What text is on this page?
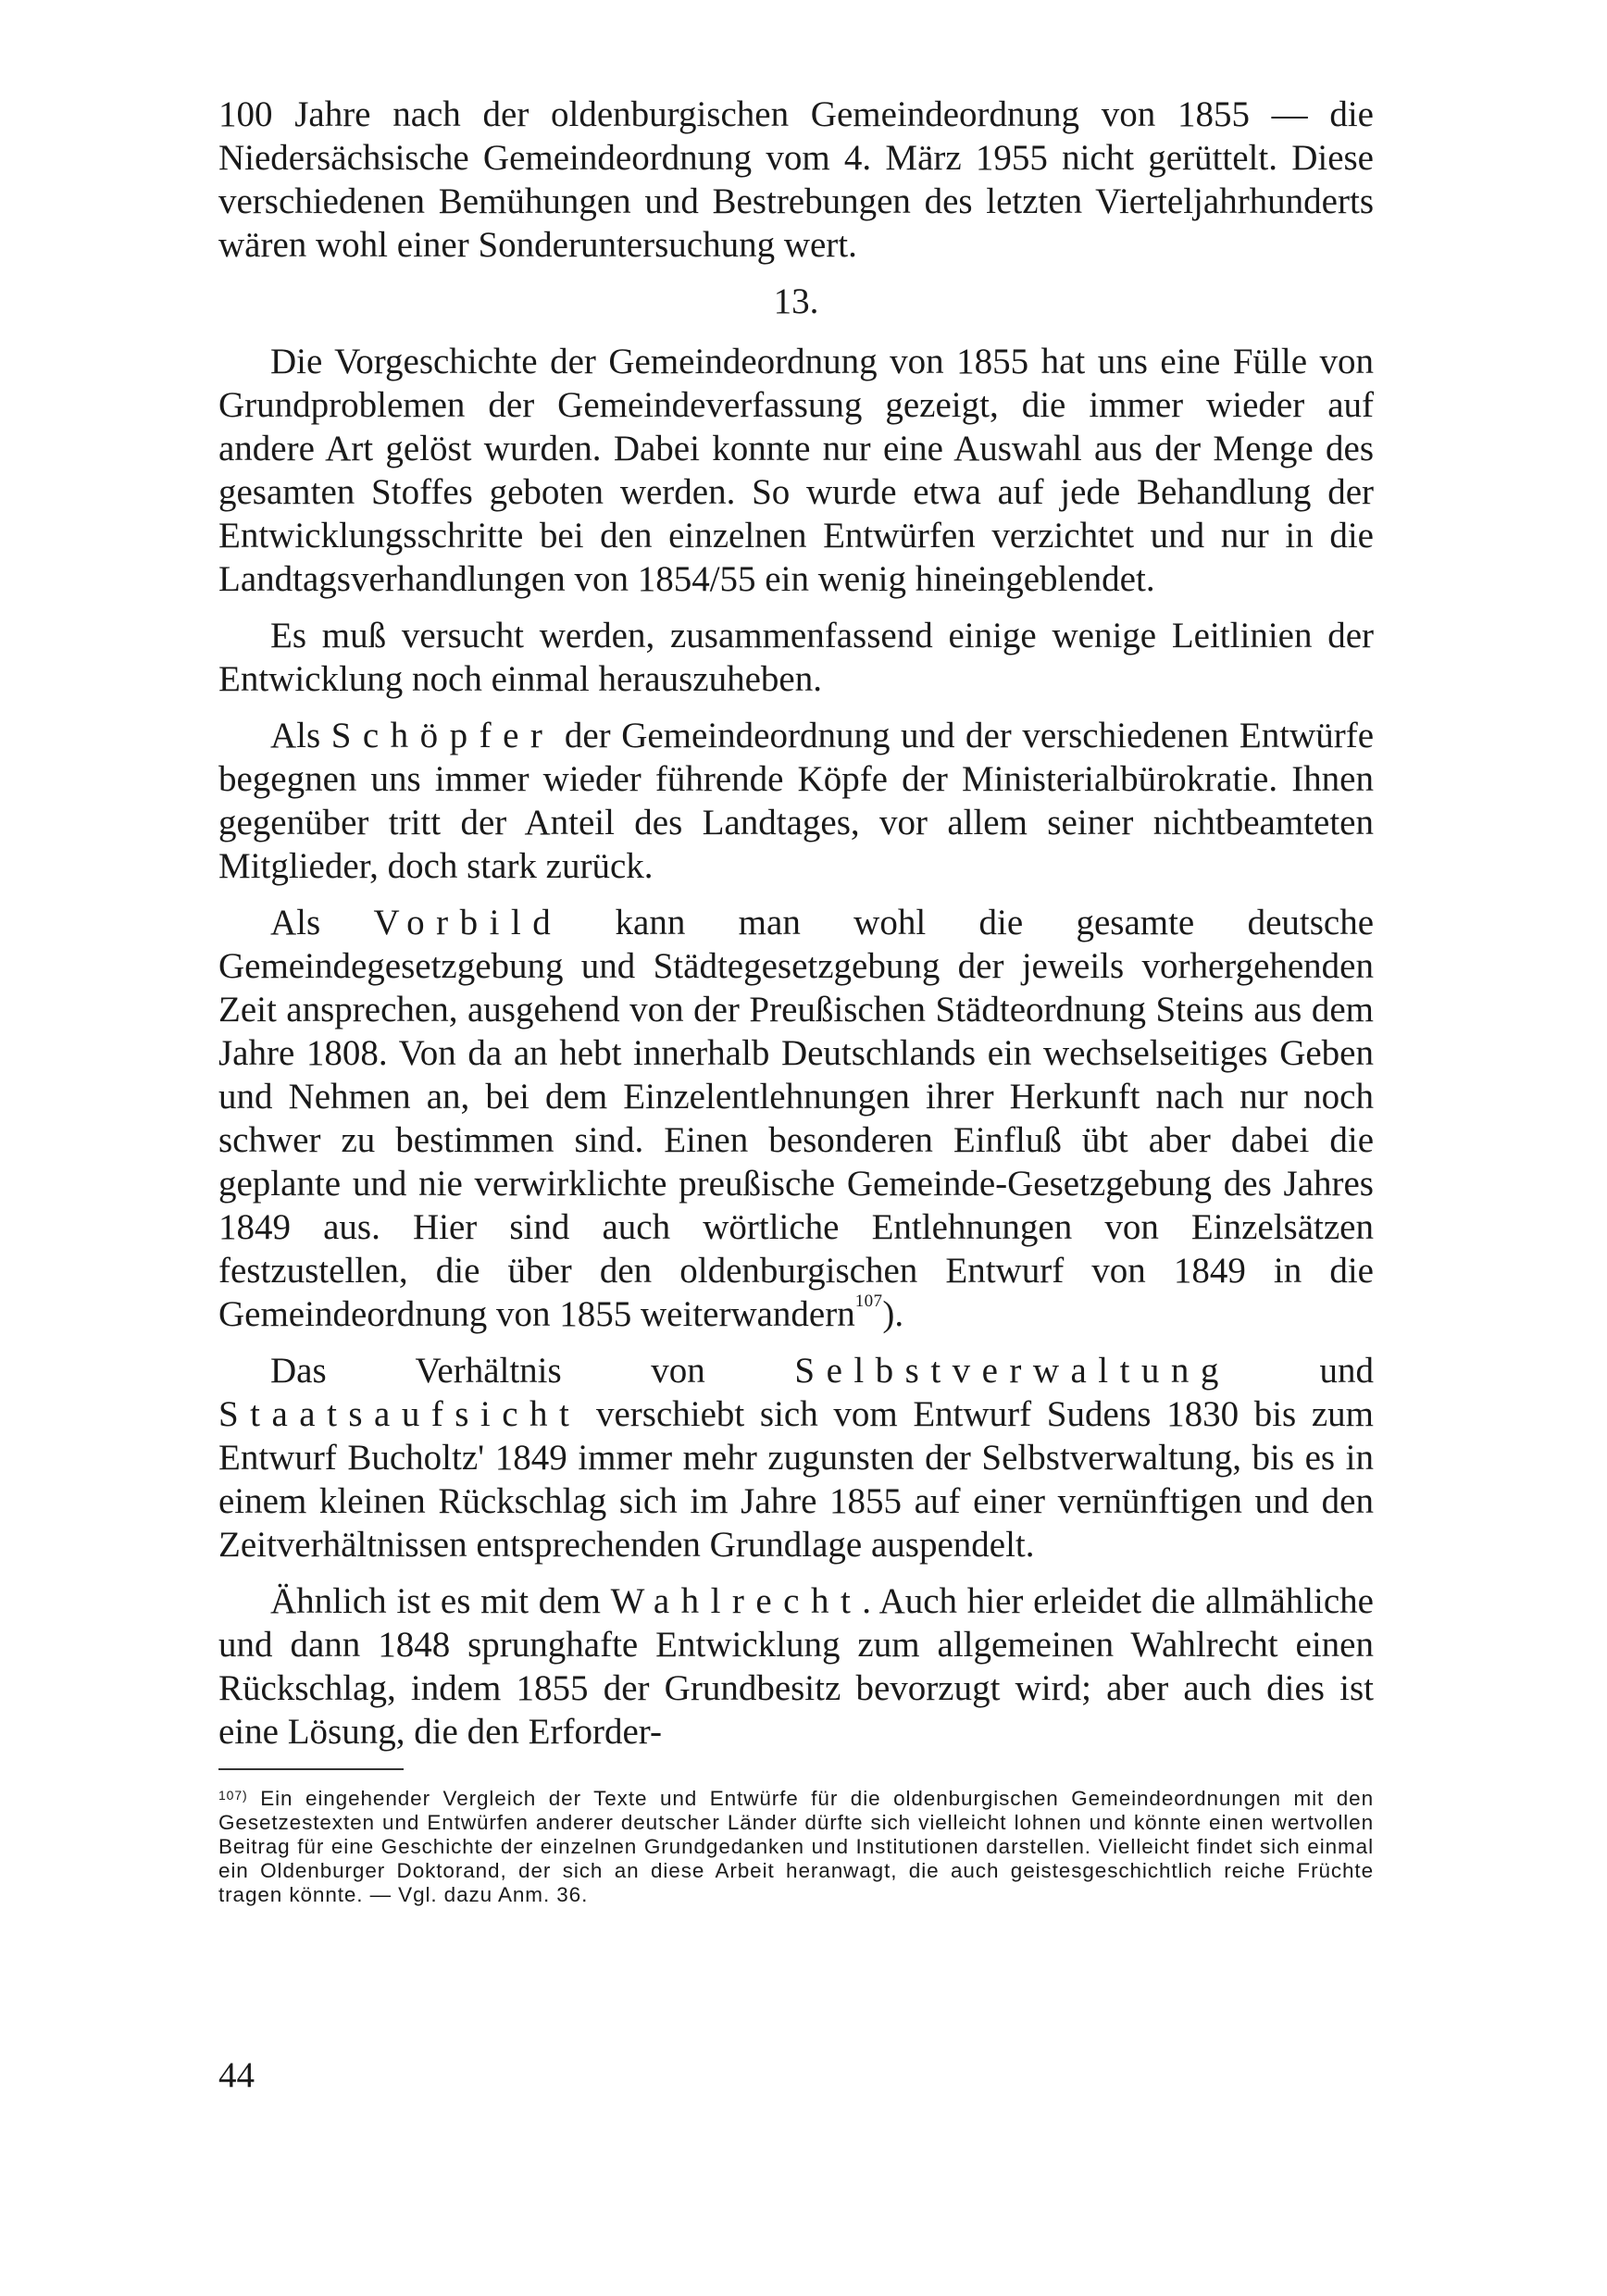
100 Jahre nach der oldenburgischen Gemeindeordnung von 1855 — die Niedersächsische Gemeindeordnung vom 4. März 1955 nicht gerüttelt. Diese verschiedenen Bemühungen und Bestrebungen des letzten Vierteljahrhunderts wären wohl einer Sonderuntersuchung wert.

13.

Die Vorgeschichte der Gemeindeordnung von 1855 hat uns eine Fülle von Grundproblemen der Gemeindeverfassung gezeigt, die immer wieder auf andere Art gelöst wurden. Dabei konnte nur eine Auswahl aus der Menge des gesamten Stoffes geboten werden. So wurde etwa auf jede Behandlung der Entwicklungsschritte bei den einzelnen Entwürfen verzichtet und nur in die Landtagsverhandlungen von 1854/55 ein wenig hineingeblendet.

Es muß versucht werden, zusammenfassend einige wenige Leitlinien der Entwicklung noch einmal herauszuheben.

Als Schöpfer der Gemeindeordnung und der verschiedenen Entwürfe begegnen uns immer wieder führende Köpfe der Ministerialbürokratie. Ihnen gegenüber tritt der Anteil des Landtages, vor allem seiner nichtbeamteten Mitglieder, doch stark zurück.

Als Vorbild kann man wohl die gesamte deutsche Gemeindegesetzgebung und Städtegesetzgebung der jeweils vorhergehenden Zeit ansprechen, ausgehend von der Preußischen Städteordnung Steins aus dem Jahre 1808. Von da an hebt innerhalb Deutschlands ein wechselseitiges Geben und Nehmen an, bei dem Einzelentlehnungen ihrer Herkunft nach nur noch schwer zu bestimmen sind. Einen besonderen Einfluß übt aber dabei die geplante und nie verwirklichte preußische Gemeinde-Gesetzgebung des Jahres 1849 aus. Hier sind auch wörtliche Entlehnungen von Einzelsätzen festzustellen, die über den oldenburgischen Entwurf von 1849 in die Gemeindeordnung von 1855 weiterwandern$^{107}$).

Das Verhältnis von Selbstverwaltung und Staatsaufsicht verschiebt sich vom Entwurf Sudens 1830 bis zum Entwurf Bucholtz' 1849 immer mehr zugunsten der Selbstverwaltung, bis es in einem kleinen Rückschlag sich im Jahre 1855 auf einer vernünftigen und den Zeitverhältnissen entsprechenden Grundlage auspendelt.

Ähnlich ist es mit dem Wahlrecht. Auch hier erleidet die allmähliche und dann 1848 sprunghafte Entwicklung zum allgemeinen Wahlrecht einen Rückschlag, indem 1855 der Grundbesitz bevorzugt wird; aber auch dies ist eine Lösung, die den Erforder-

$^{107)}$ Ein eingehender Vergleich der Texte und Entwürfe für die oldenburgischen Gemeindeordnungen mit den Gesetzestexten und Entwürfen anderer deutscher Länder dürfte sich vielleicht lohnen und könnte einen wertvollen Beitrag für eine Geschichte der einzelnen Grundgedanken und Institutionen darstellen. Vielleicht findet sich einmal ein Oldenburger Doktorand, der sich an diese Arbeit heranwagt, die auch geistesgeschichtlich reiche Früchte tragen könnte. — Vgl. dazu Anm. 36.

44
